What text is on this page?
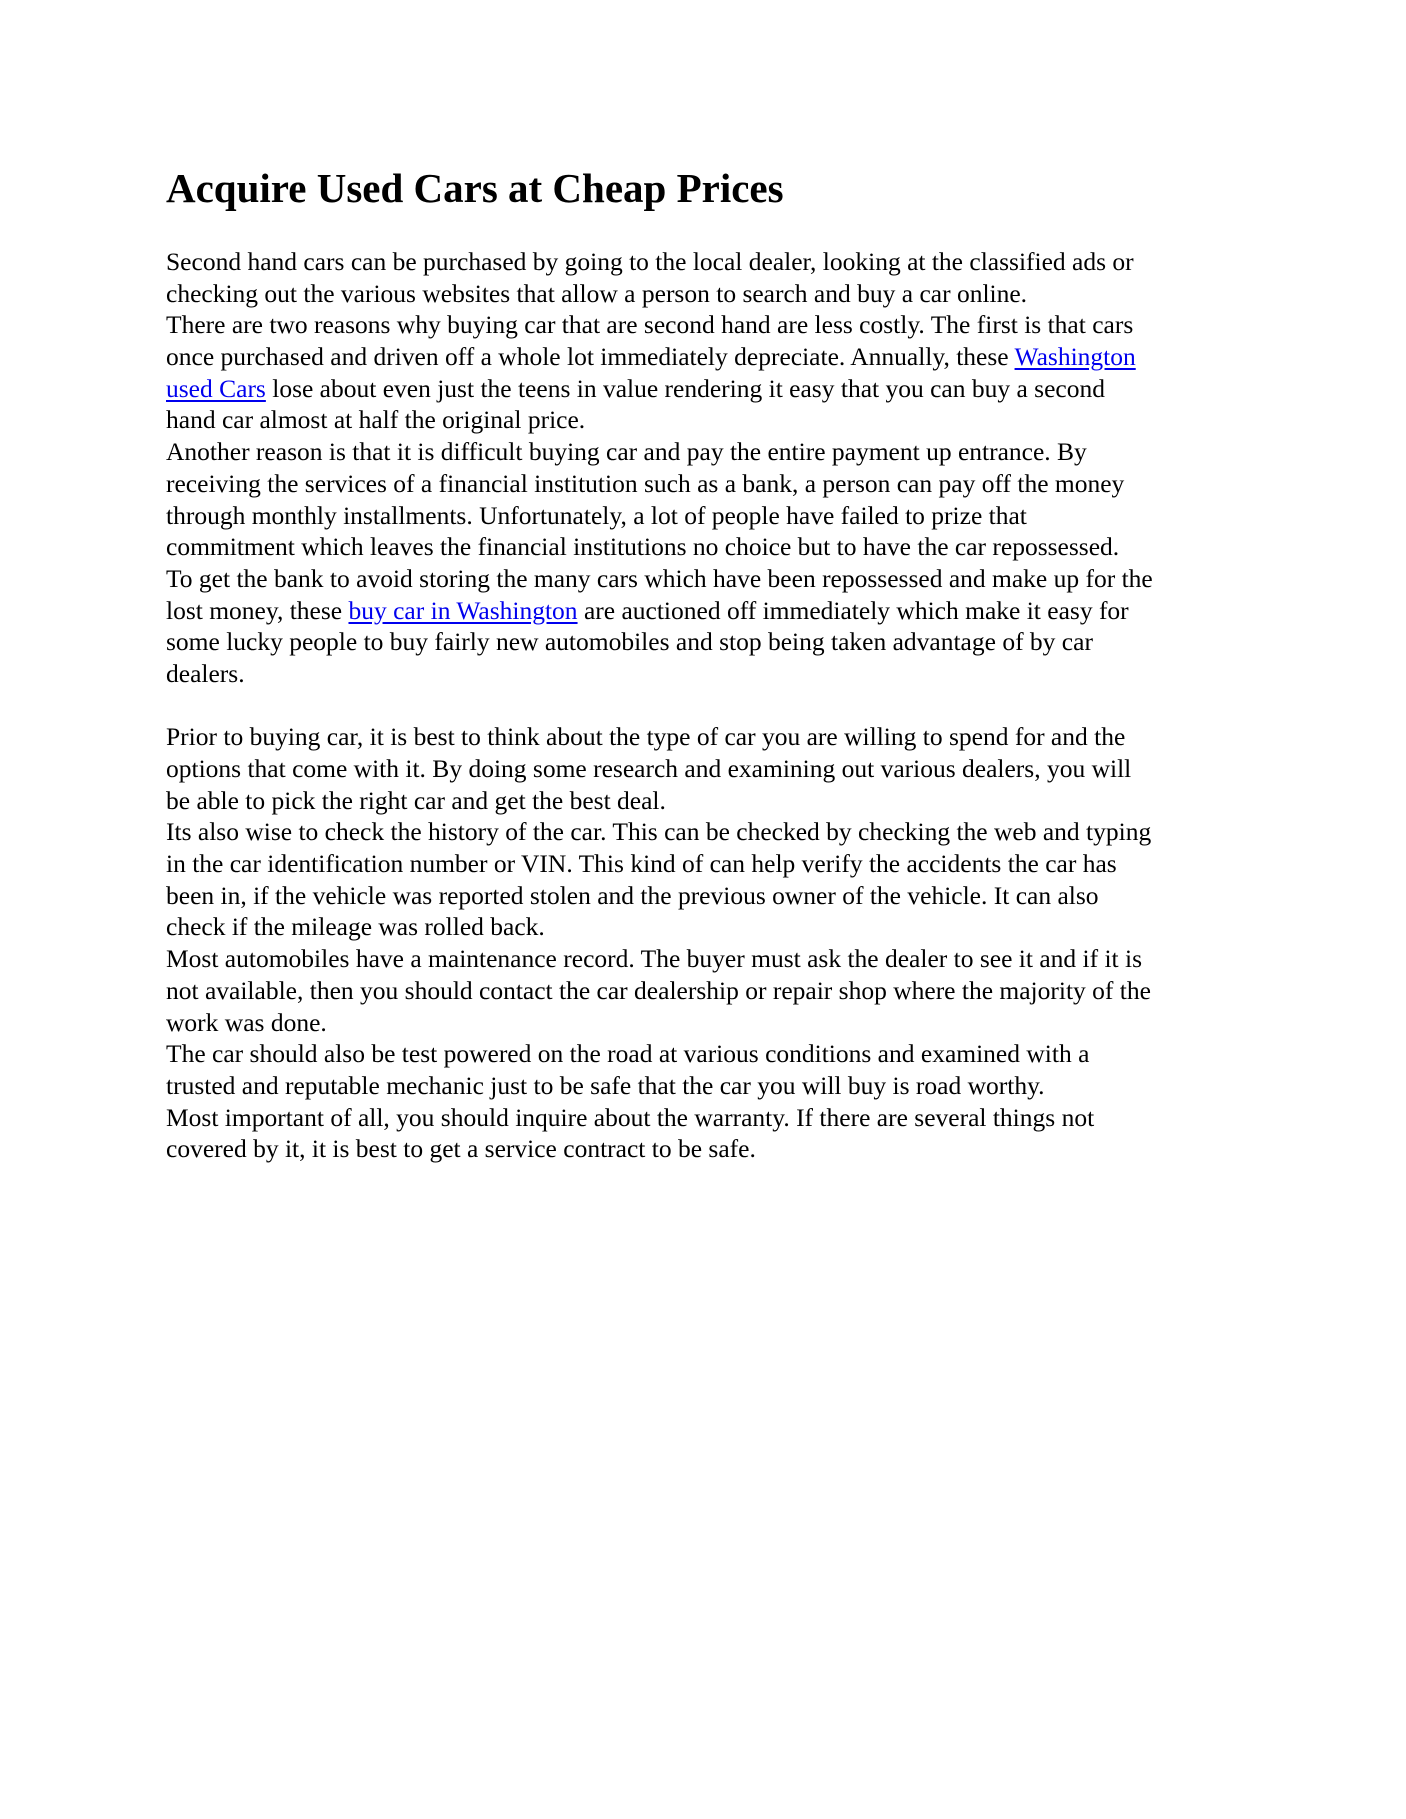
Acquire Used Cars at Cheap Prices
Second hand cars can be purchased by going to the local dealer, looking at the classified ads or
checking out the various websites that allow a person to search and buy a car online.
There are two reasons why buying car that are second hand are less costly. The first is that cars
once purchased and driven off a whole lot immediately depreciate. Annually, these Washington
used Cars lose about even just the teens in value rendering it easy that you can buy a second
hand car almost at half the original price.
Another reason is that it is difficult buying car and pay the entire payment up entrance. By
receiving the services of a financial institution such as a bank, a person can pay off the money
through monthly installments. Unfortunately, a lot of people have failed to prize that
commitment which leaves the financial institutions no choice but to have the car repossessed.
To get the bank to avoid storing the many cars which have been repossessed and make up for the
lost money, these buy car in Washington are auctioned off immediately which make it easy for
some lucky people to buy fairly new automobiles and stop being taken advantage of by car
dealers.
Prior to buying car, it is best to think about the type of car you are willing to spend for and the
options that come with it. By doing some research and examining out various dealers, you will
be able to pick the right car and get the best deal.
Its also wise to check the history of the car. This can be checked by checking the web and typing
in the car identification number or VIN. This kind of can help verify the accidents the car has
been in, if the vehicle was reported stolen and the previous owner of the vehicle. It can also
check if the mileage was rolled back.
Most automobiles have a maintenance record. The buyer must ask the dealer to see it and if it is
not available, then you should contact the car dealership or repair shop where the majority of the
work was done.
The car should also be test powered on the road at various conditions and examined with a
trusted and reputable mechanic just to be safe that the car you will buy is road worthy.
Most important of all, you should inquire about the warranty. If there are several things not
covered by it, it is best to get a service contract to be safe.
